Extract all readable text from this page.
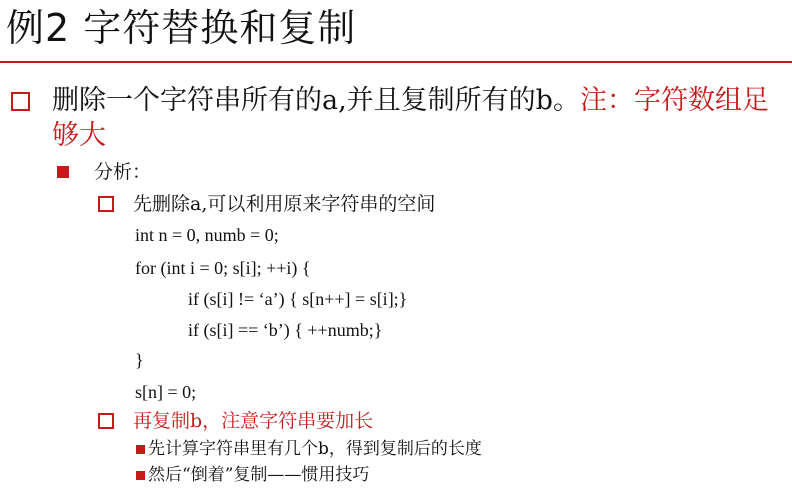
例2 字符替换和复制
删除一个字符串所有的a,并且复制所有的b。注：字符数组足够大
分析：
先删除a,可以利用原来字符串的空间
int n = 0, numb = 0;
for (int i = 0; s[i]; ++i) {
if (s[i] != ‘a’) { s[n++] = s[i];}
if (s[i] == ‘b’) { ++numb;}
}
s[n] = 0;
再复制b，注意字符串要加长
先计算字符串里有几个b，得到复制后的长度
然后“倒着”复制——惯用技巧
